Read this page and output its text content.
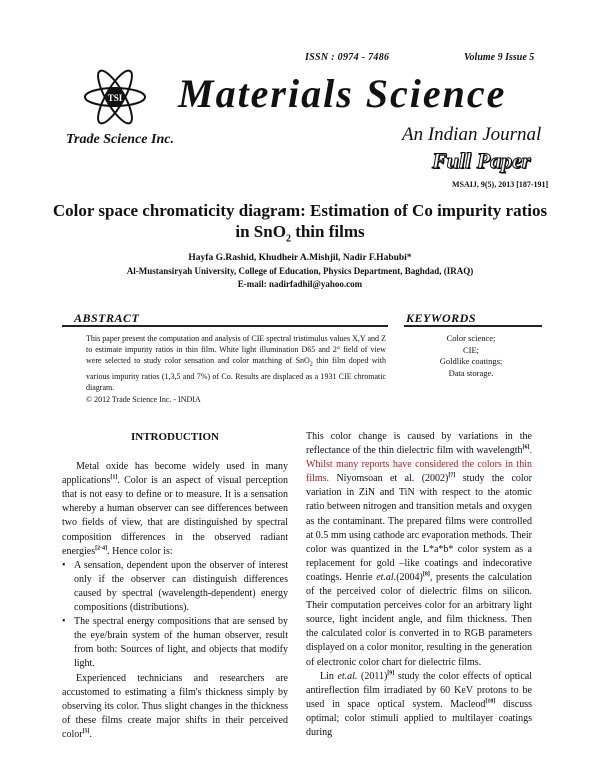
ISSN : 0974 - 7486	Volume 9 Issue 5
TSI Materials Science
Trade Science Inc.	An Indian Journal
Full Paper
MSAIJ, 9(5), 2013 [187-191]
Color space chromaticity diagram: Estimation of Co impurity ratios
in SnO$_2$ thin films
Hayfa G.Rashid, Khudheir A.Mishjil, Nadir F.Habubi*
Al-Mustansiryah University, College of Education, Physics Department, Baghdad, (IRAQ)
E-mail: nadirfadhil@yahoo.com
ABSTRACT	KEYWORDS
This paper present the computation and analysis of CIE spectral tristimulus values X,Y and Z to estimate impurity ratios in thin film. White light illumination D65 and 2° field of view were selected to study color sensation and color matching of SnO$_2$ thin film doped with various impurity ratios (1,3,5 and 7%) of Co. Results are displaced as a 1931 CIE chromatic diagram.
© 2012 Trade Science Inc. - INDIA
Color science;
CIE;
Goldlike coatings;
Data storage.

INTRODUCTION

Metal oxide has become widely used in many applications[1]. Color is an aspect of visual perception that is not easy to define or to measure. It is a sensation whereby a human observer can see differences between two fields of view, that are distinguished by spectral composition differences in the observed radiant energies[2-4]. Hence color is:

• A sensation, dependent upon the observer of interest only if the observer can distinguish differences caused by spectral (wavelength-dependent) energy compositions (distributions).

• The spectral energy compositions that are sensed by the eye/brain system of the human observer, result from both: Sources of light, and objects that modify light.

Experienced technicians and researchers are accustomed to estimating a film's thickness simply by observing its color. Thus slight changes in the thickness of these films create major shifts in their perceived color[5].

This color change is caused by variations in the reflectance of the thin dielectric film with wavelength[6]. Whilst many reports have considered the colors in thin films. Niyomsoan et al. (2002)[7] study the color variation in ZiN and TiN with respect to the atomic ratio between nitrogen and transition metals and oxygen as the contaminant. The prepared films were controlled at 0.5 mm using cathode arc evaporation methods. Their color was quantized in the L*a*b* color system as a replacement for gold –like coatings and indecorative coatings. Henrie et.al.(2004)[8], presents the calculation of the perceived color of dielectric films on silicon. Their computation perceives color for an arbitrary light source, light incident angle, and film thickness. Then the calculated color is converted in to RGB parameters displayed on a color monitor, resulting in the generation of electronic color chart for dielectric films.

Lin et.al. (2011)[9] study the color effects of optical antireflection film irradiated by 60 KeV protons to be used in space optical system. Macleod[10] discuss optimal; color stimuli applied to multilayer coatings during
